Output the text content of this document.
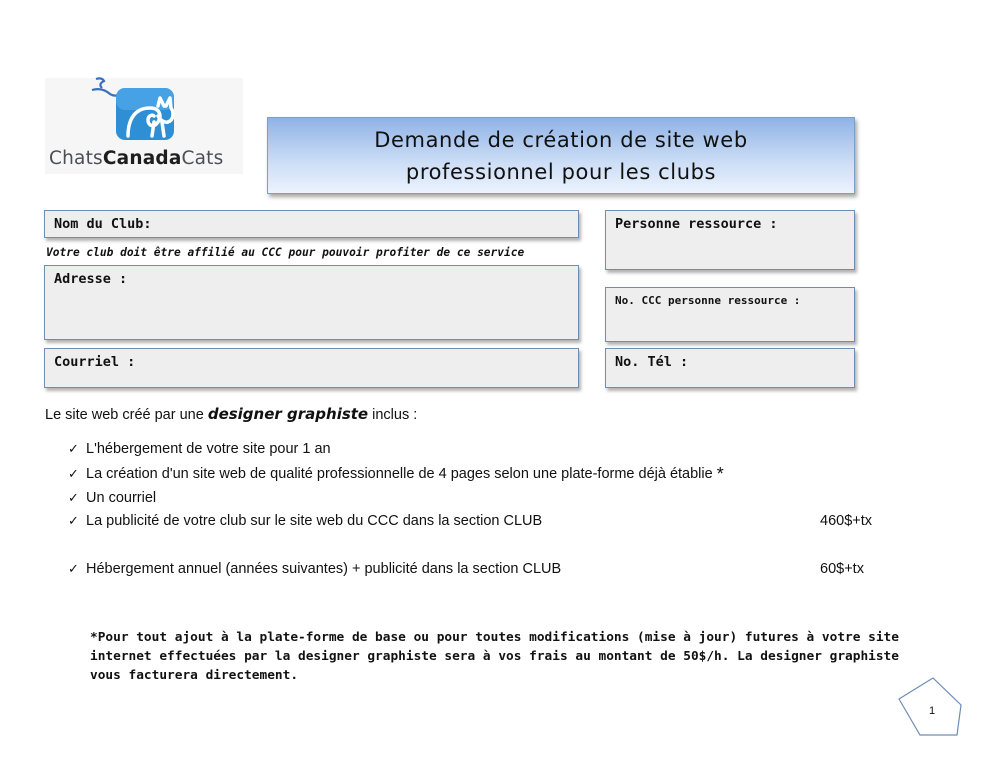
ChatsCanadaCats
Demande de création de site web
professionnel pour les clubs
Nom du Club:
Votre club doit être affilié au CCC pour pouvoir profiter de ce service
Adresse :
Courriel :
Personne ressource :
No. CCC personne ressource :
No. Tél :
Le site web créé par une designer graphiste inclus :
✓ L'hébergement de votre site pour 1 an
✓ La création d'un site web de qualité professionnelle de 4 pages selon une plate-forme déjà établie *
✓ Un courriel
✓ La publicité de votre club sur le site web du CCC dans la section CLUB	460$+tx
✓ Hébergement annuel (années suivantes) + publicité dans la section CLUB	60$+tx
*Pour tout ajout à la plate-forme de base ou pour toutes modifications (mise à jour) futures à votre site internet effectuées par la designer graphiste sera à vos frais au montant de 50$/h. La designer graphiste vous facturera directement.
1
